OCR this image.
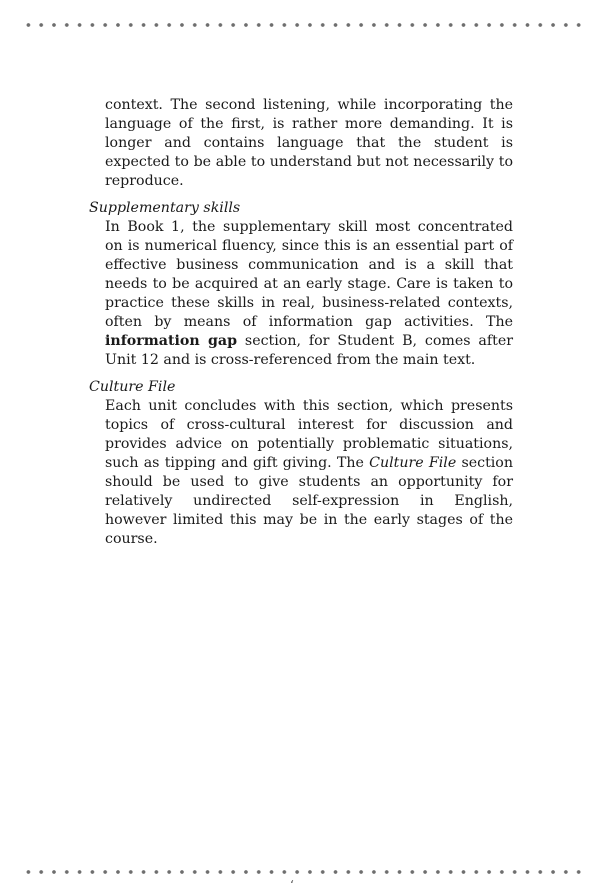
context. The second listening, while incorporating the language of the first, is rather more demanding. It is longer and contains language that the student is expected to be able to understand but not necessarily to reproduce.

Supplementary skills

In Book 1, the supplementary skill most concentrated on is numerical fluency, since this is an essential part of effective business communication and is a skill that needs to be acquired at an early stage. Care is taken to practice these skills in real, business-related contexts, often by means of information gap activities. The information gap section, for Student B, comes after Unit 12 and is cross-referenced from the main text.

Culture File

Each unit concludes with this section, which presents topics of cross-cultural interest for discussion and provides advice on potentially problematic situations, such as tipping and gift giving. The Culture File section should be used to give students an opportunity for relatively undirected self-expression in English, however limited this may be in the early stages of the course.

ʻ
